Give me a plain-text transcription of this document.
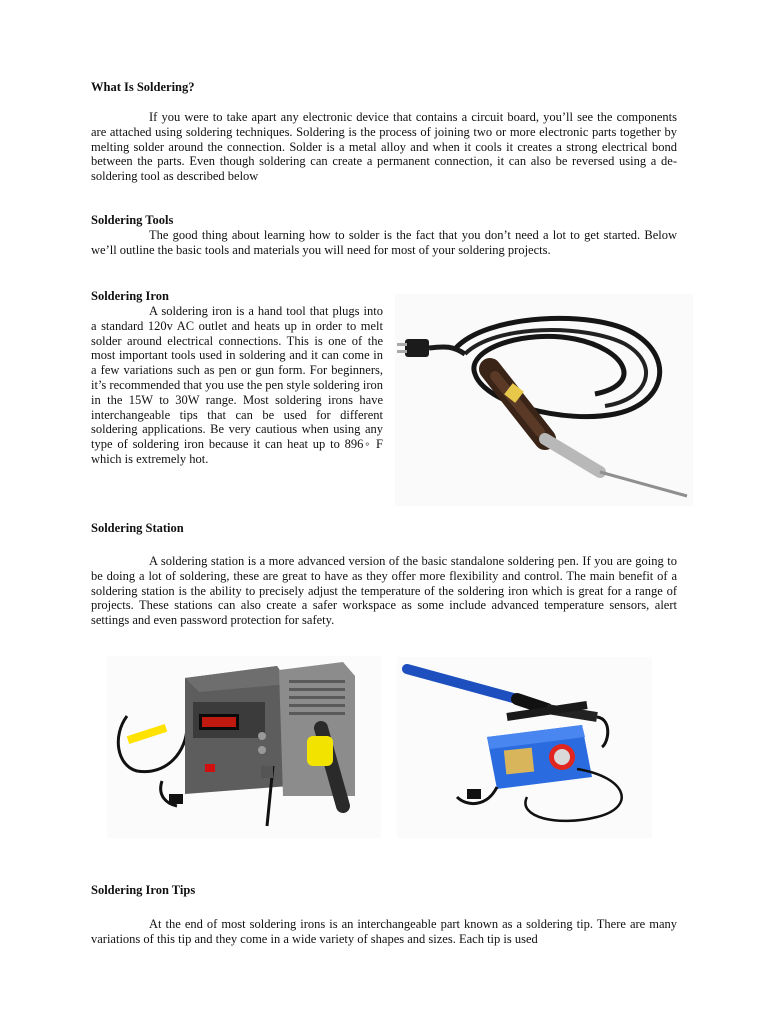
What Is Soldering?

If you were to take apart any electronic device that contains a circuit board, you’ll see the components are attached using soldering techniques. Soldering is the process of joining two or more electronic parts together by melting solder around the connection. Solder is a metal alloy and when it cools it creates a strong electrical bond between the parts. Even though soldering can create a permanent connection, it can also be reversed using a de-soldering tool as described below

Soldering Tools

The good thing about learning how to solder is the fact that you don’t need a lot to get started. Below we’ll outline the basic tools and materials you will need for most of your soldering projects.

Soldering Iron

A soldering iron is a hand tool that plugs into a standard 120v AC outlet and heats up in order to melt solder around electrical connections. This is one of the most important tools used in soldering and it can come in a few variations such as pen or gun form. For beginners, it’s recommended that you use the pen style soldering iron in the 15W to 30W range. Most soldering irons have interchangeable tips that can be used for different soldering applications. Be very cautious when using any type of soldering iron because it can heat up to 896◦ F which is extremely hot.

Soldering Station

A soldering station is a more advanced version of the basic standalone soldering pen. If you are going to be doing a lot of soldering, these are great to have as they offer more flexibility and control. The main benefit of a soldering station is the ability to precisely adjust the temperature of the soldering iron which is great for a range of projects. These stations can also create a safer workspace as some include advanced temperature sensors, alert settings and even password protection for safety.

Soldering Iron Tips

At the end of most soldering irons is an interchangeable part known as a soldering tip. There are many variations of this tip and they come in a wide variety of shapes and sizes. Each tip is used
